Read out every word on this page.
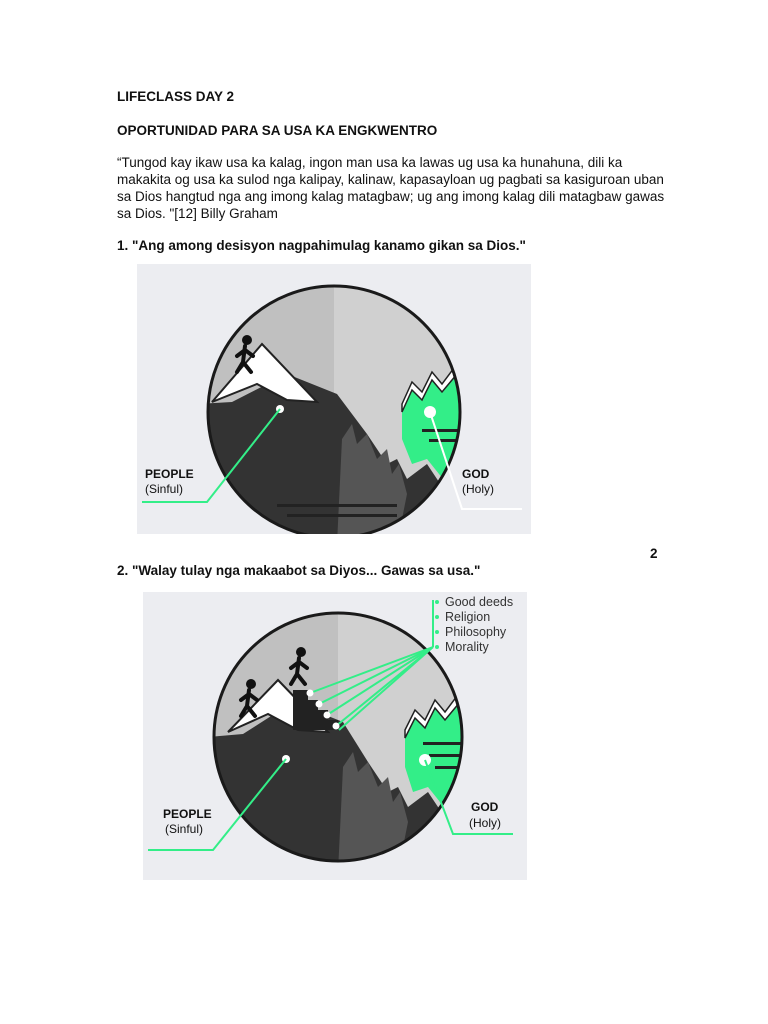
LIFECLASS DAY 2
OPORTUNIDAD PARA SA USA KA ENGKWENTRO
“Tungod kay ikaw usa ka kalag, ingon man usa ka lawas ug usa ka hunahuna, dili ka makakita og usa ka sulod nga kalipay, kalinaw, kapasayloan ug pagbati sa kasiguroan uban sa Dios hangtud nga ang imong kalag matagbaw; ug ang imong kalag dili matagbaw gawas sa Dios. "[12] Billy Graham
1. "Ang among desisyon nagpahimulag kanamo gikan sa Dios."
PEOPLE
(Sinful)
GOD
(Holy)
2
2. "Walay tulay nga makaabot sa Diyos... Gawas sa usa."
Good deeds
Religion
Philosophy
Morality
PEOPLE
(Sinful)
GOD
(Holy)
